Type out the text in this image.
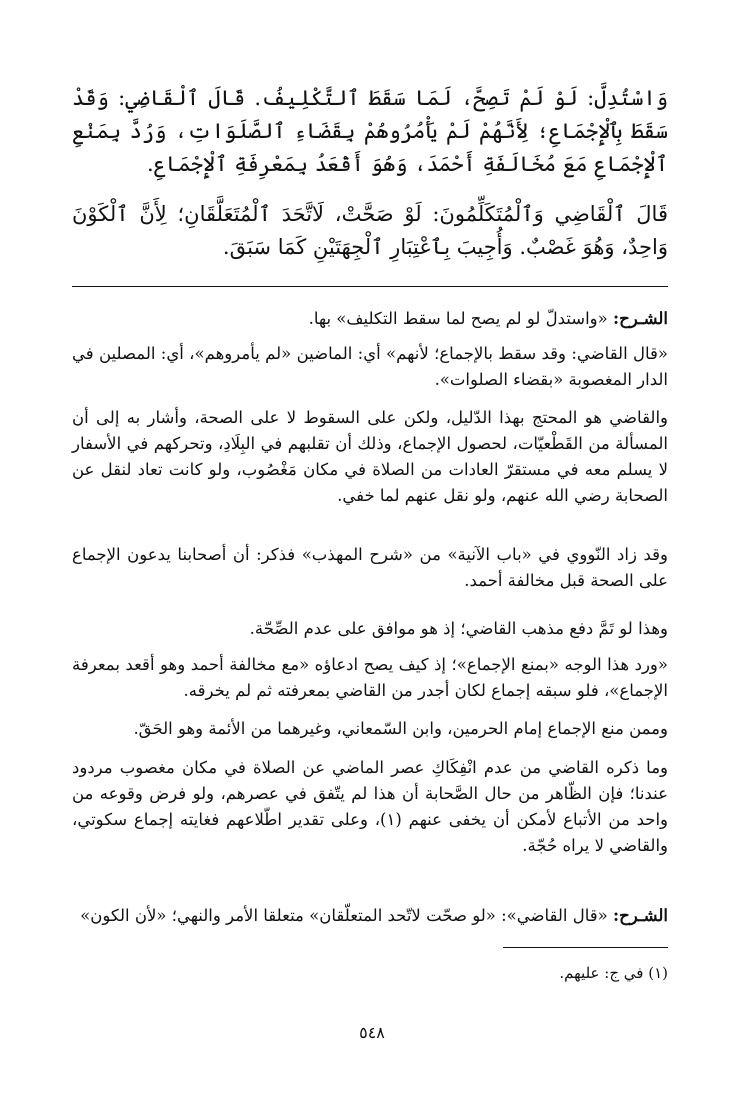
وَاسْتُدِلَّ: لَوْ لَمْ تَصِحَّ، لَمَا سَقَطَ ٱلتَّكْلِيفُ. قَالَ ٱلْقَاضِي: وَقَدْ سَقَطَ بِٱلْإِجْمَاعِ؛ لِأَنَّهُمْ لَمْ يَأْمُرُوهُمْ بِقَضَاءِ ٱلصَّلَوَاتِ، وَرُدَّ بِمَنْعِ ٱلْإِجْمَاعِ مَعَ مُخَالَفَةِ أَحْمَدَ، وَهُوَ أَقْعَدُ بِمَعْرِفَةِ ٱلْإِجْمَاعِ.

قَالَ ٱلْقَاضِي وَٱلْمُتَكَلِّمُونَ: لَوْ صَحَّتْ، لَاتَّحَدَ ٱلْمُتَعَلَّقَانِ؛ لِأَنَّ ٱلْكَوْنَ وَاحِدٌ، وَهُوَ غَصْبٌ. وَأُجِيبَ بِٱعْتِبَارِ ٱلْجِهَتَيْنِ كَمَا سَبَقَ.

الشـرح: «واستدلّ لو لم يصح لما سقط التكليف» بها.

«قال القاضي: وقد سقط بالإجماع؛ لأنهم» أي: الماضين «لم يأمروهم»، أي: المصلين في الدار المغصوبة «بقضاء الصلوات».

والقاضي هو المحتج بهذا الدّليل، ولكن على السقوط لا على الصحة، وأشار به إلى أن المسألة من القَطْعيّات، لحصول الإجماع، وذلك أن تقلبهم في البِلَادِ، وتحركهم في الأسفار لا يسلم معه في مستقرّ العادات من الصلاة في مكان مَغْصُوب، ولو كانت تعاد لنقل عن الصحابة رضي الله عنهم، ولو نقل عنهم لما خفي.

وقد زاد النّووي في «باب الآنية» من «شرح المهذب» فذكر: أن أصحابنا يدعون الإجماع على الصحة قبل مخالفة أحمد.

وهذا لو تَمَّ دفع مذهب القاضي؛ إذ هو موافق على عدم الصِّحّة.

«ورد هذا الوجه «بمنع الإجماع»؛ إذ كيف يصح ادعاؤه «مع مخالفة أحمد وهو أقعد بمعرفة الإجماع»، فلو سبقه إجماع لكان أجدر من القاضي بمعرفته ثم لم يخرقه.

وممن منع الإجماع إمام الحرمين، وابن السّمعاني، وغيرهما من الأئمة وهو الحَقّ.

وما ذكره القاضي من عدم انْفِكَاكِ عصر الماضي عن الصلاة في مكان مغصوب مردود عندنا؛ فإن الظّاهر من حال الصَّحابة أن هذا لم يتّفق في عصرهم، ولو فرض وقوعه من واحد من الأتباع لأمكن أن يخفى عنهم (١)، وعلى تقدير اطّلاعهم فغايته إجماع سكوتي، والقاضي لا يراه حُجّة.

الشـرح: «قال القاضي»: «لو صحّت لاتّحد المتعلّقان» متعلقا الأمر والنهي؛ «لأن الكون»

(١) في ج: عليهم.

٥٤٨
